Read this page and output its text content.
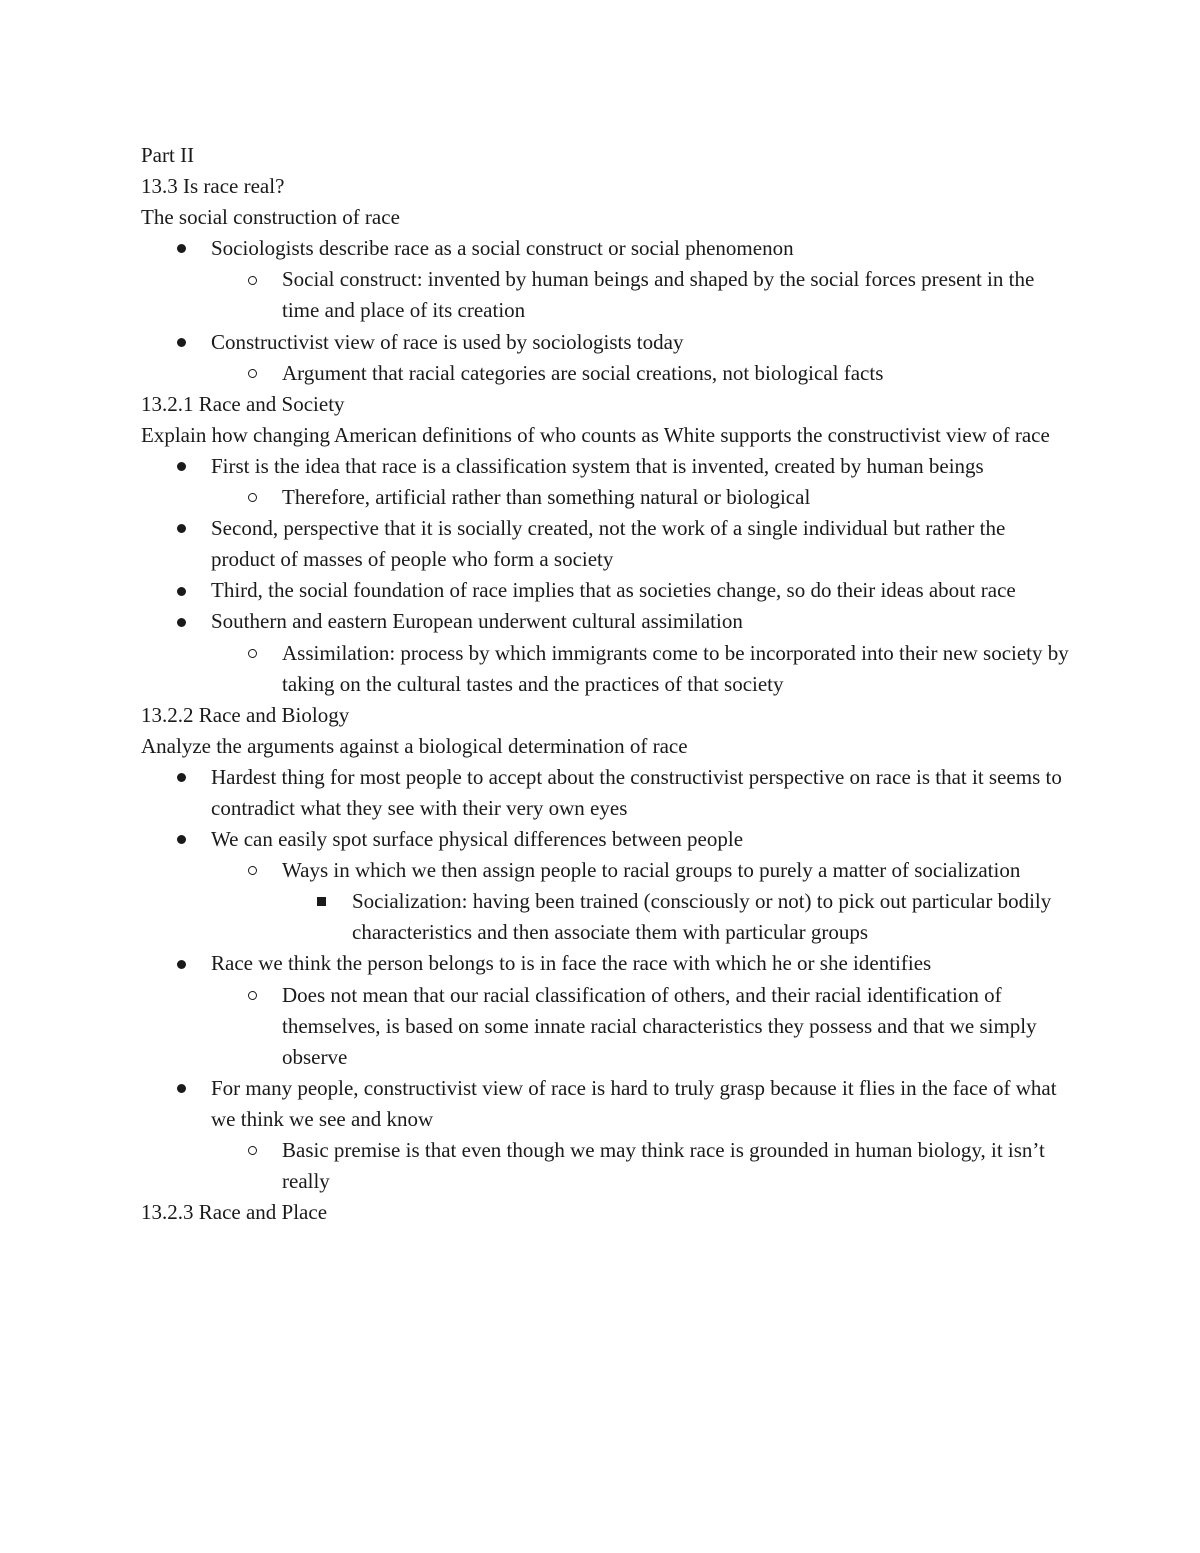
Part II

13.3 Is race real?

The social construction of race

Sociologists describe race as a social construct or social phenomenon
Social construct: invented by human beings and shaped by the social forces present in the time and place of its creation
Constructivist view of race is used by sociologists today
Argument that racial categories are social creations, not biological facts

13.2.1 Race and Society

Explain how changing American definitions of who counts as White supports the constructivist view of race

First is the idea that race is a classification system that is invented, created by human beings
Therefore, artificial rather than something natural or biological
Second, perspective that it is socially created, not the work of a single individual but rather the product of masses of people who form a society
Third, the social foundation of race implies that as societies change, so do their ideas about race
Southern and eastern European underwent cultural assimilation
Assimilation: process by which immigrants come to be incorporated into their new society by taking on the cultural tastes and the practices of that society

13.2.2 Race and Biology

Analyze the arguments against a biological determination of race

Hardest thing for most people to accept about the constructivist perspective on race is that it seems to contradict what they see with their very own eyes
We can easily spot surface physical differences between people
Ways in which we then assign people to racial groups to purely a matter of socialization
Socialization: having been trained (consciously or not) to pick out particular bodily characteristics and then associate them with particular groups
Race we think the person belongs to is in face the race with which he or she identifies
Does not mean that our racial classification of others, and their racial identification of themselves, is based on some innate racial characteristics they possess and that we simply observe
For many people, constructivist view of race is hard to truly grasp because it flies in the face of what we think we see and know
Basic premise is that even though we may think race is grounded in human biology, it isn’t really

13.2.3 Race and Place
